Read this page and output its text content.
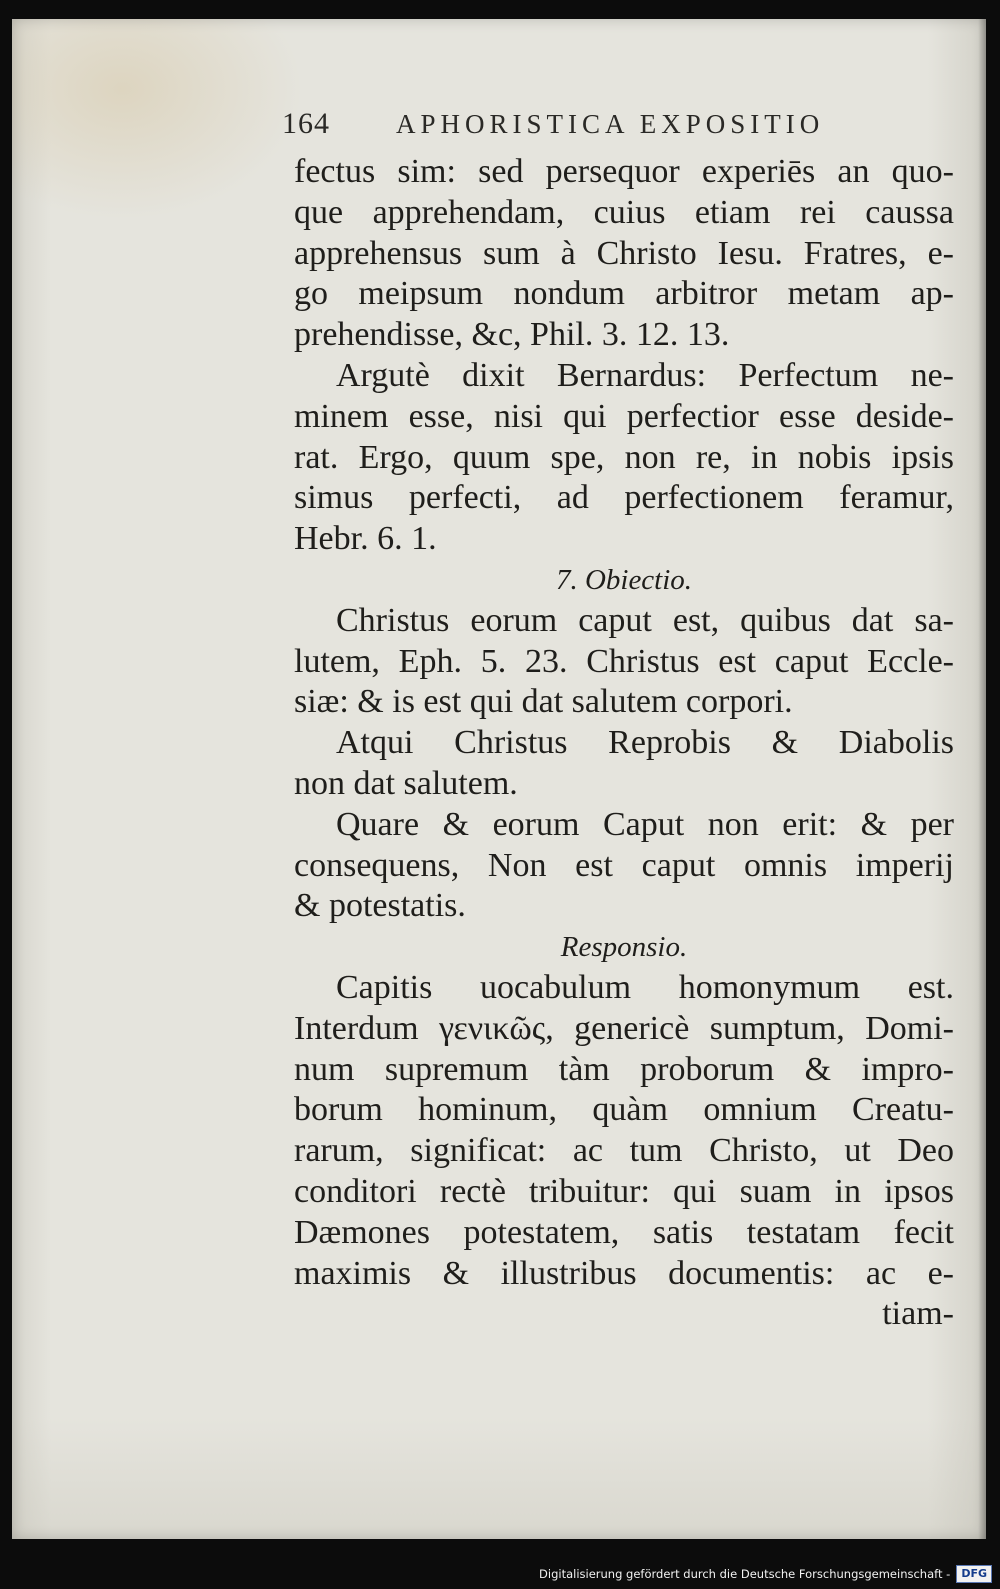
164	APHORISTICA EXPOSITIO
fectus sim: sed persequor experiēs an quo-
que apprehendam, cuius etiam rei caussa
apprehensus sum à Christo Iesu. Fratres, e-
go meipsum nondum arbitror metam ap-
prehendisse, &c, Phil. 3. 12. 13.
Argutè dixit Bernardus: Perfectum ne-
minem esse, nisi qui perfectior esse deside-
rat. Ergo, quum spe, non re, in nobis ipsis
simus perfecti, ad perfectionem feramur,
Hebr. 6. 1.
7. Obiectio.
Christus eorum caput est, quibus dat sa-
lutem, Eph. 5. 23. Christus est caput Eccle-
siæ: & is est qui dat salutem corpori.
Atqui Christus Reprobis & Diabolis
non dat salutem.
Quare & eorum Caput non erit: & per
consequens, Non est caput omnis imperij
& potestatis.
Responsio.
Capitis uocabulum homonymum est.
Interdum γενικῶς, genericè sumptum, Domi-
num supremum tàm proborum & impro-
borum hominum, quàm omnium Creatu-
rarum, significat: ac tum Christo, ut Deo
conditori rectè tribuitur: qui suam in ipsos
Dæmones potestatem, satis testatam fecit
maximis & illustribus documentis: ac e-
tiam-
Digitalisierung gefördert durch die Deutsche Forschungsgemeinschaft -	DFG
